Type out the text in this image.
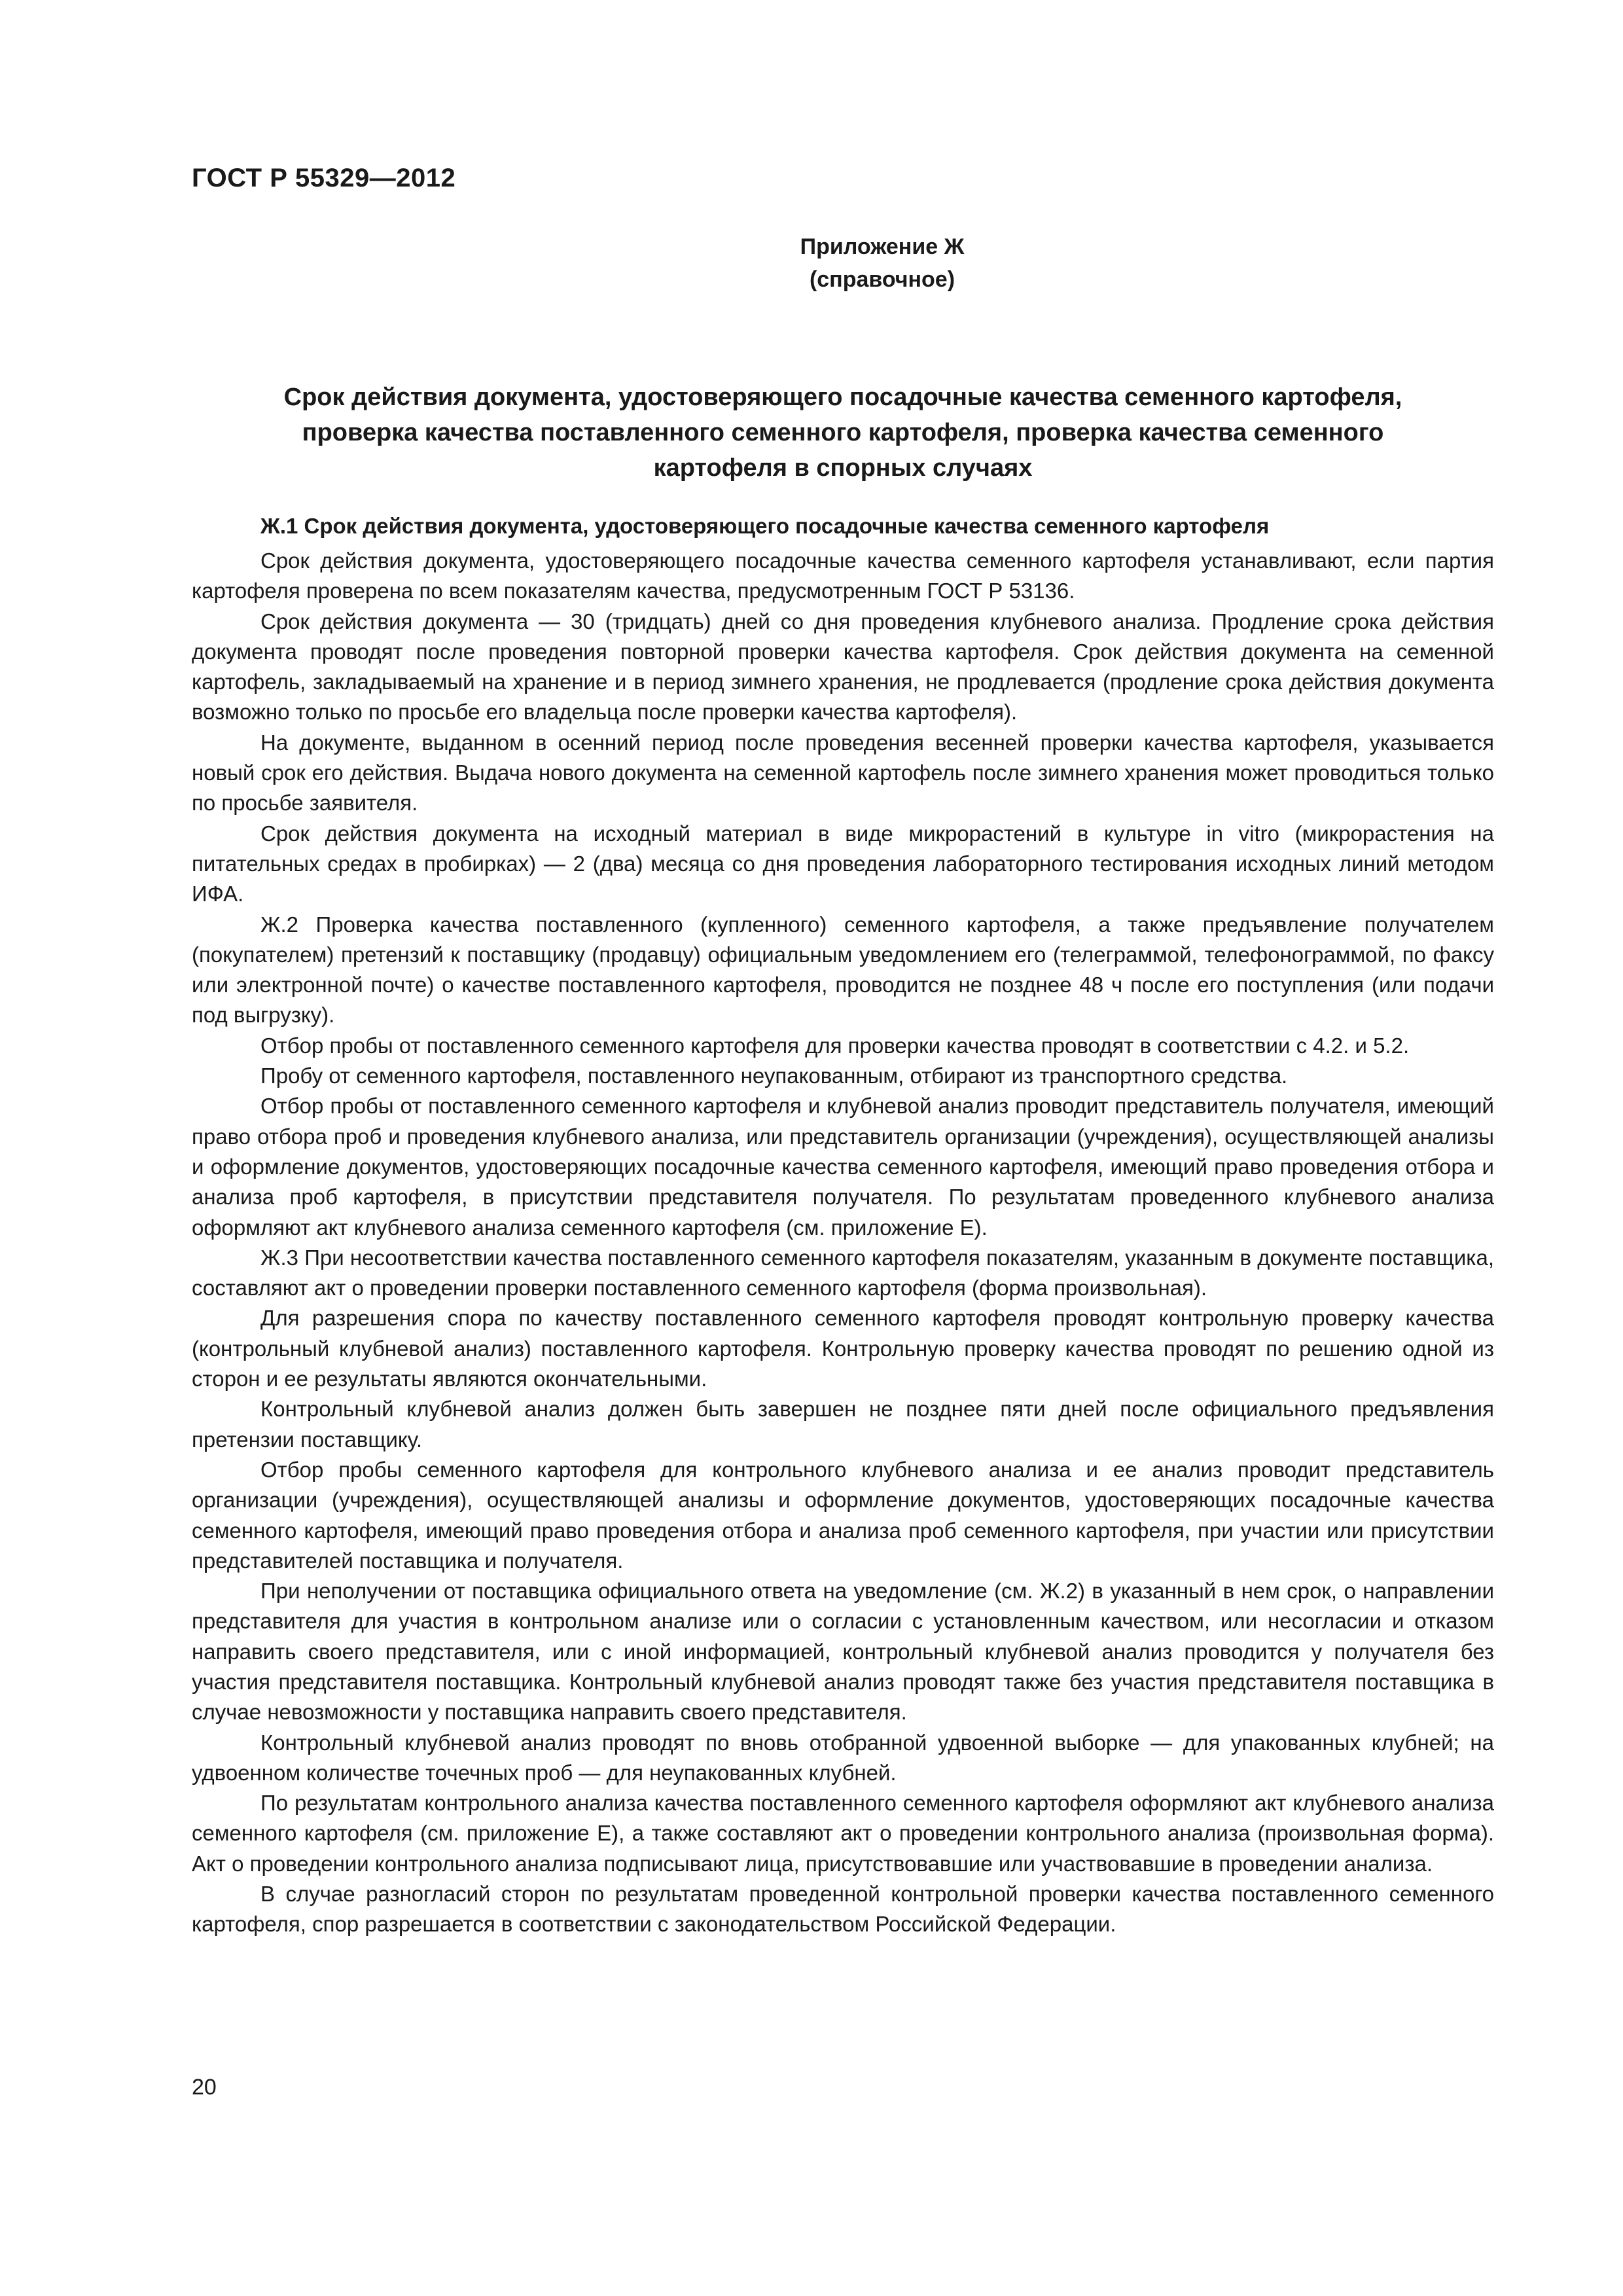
ГОСТ Р 55329—2012
Приложение Ж
(справочное)
Срок действия документа, удостоверяющего посадочные качества семенного картофеля,
проверка качества поставленного семенного картофеля, проверка качества семенного
картофеля в спорных случаях
Ж.1 Срок действия документа, удостоверяющего посадочные качества семенного картофеля

Срок действия документа, удостоверяющего посадочные качества семенного картофеля устанавливают, если партия картофеля проверена по всем показателям качества, предусмотренным ГОСТ Р 53136.

Срок действия документа — 30 (тридцать) дней со дня проведения клубневого анализа. Продление срока действия документа проводят после проведения повторной проверки качества картофеля. Срок действия документа на семенной картофель, закладываемый на хранение и в период зимнего хранения, не продлевается (продление срока действия документа возможно только по просьбе его владельца после проверки качества картофеля).

На документе, выданном в осенний период после проведения весенней проверки качества картофеля, указывается новый срок его действия. Выдача нового документа на семенной картофель после зимнего хранения может проводиться только по просьбе заявителя.

Срок действия документа на исходный материал в виде микрорастений в культуре in vitro (микрорастения на питательных средах в пробирках) — 2 (два) месяца со дня проведения лабораторного тестирования исходных линий методом ИФА.

Ж.2 Проверка качества поставленного (купленного) семенного картофеля, а также предъявление получателем (покупателем) претензий к поставщику (продавцу) официальным уведомлением его (телеграммой, телефонограммой, по факсу или электронной почте) о качестве поставленного картофеля, проводится не позднее 48 ч после его поступления (или подачи под выгрузку).

Отбор пробы от поставленного семенного картофеля для проверки качества проводят в соответствии с 4.2. и 5.2.

Пробу от семенного картофеля, поставленного неупакованным, отбирают из транспортного средства.

Отбор пробы от поставленного семенного картофеля и клубневой анализ проводит представитель получателя, имеющий право отбора проб и проведения клубневого анализа, или представитель организации (учреждения), осуществляющей анализы и оформление документов, удостоверяющих посадочные качества семенного картофеля, имеющий право проведения отбора и анализа проб картофеля, в присутствии представителя получателя. По результатам проведенного клубневого анализа оформляют акт клубневого анализа семенного картофеля (см. приложение Е).

Ж.3 При несоответствии качества поставленного семенного картофеля показателям, указанным в документе поставщика, составляют акт о проведении проверки поставленного семенного картофеля (форма произвольная).

Для разрешения спора по качеству поставленного семенного картофеля проводят контрольную проверку качества (контрольный клубневой анализ) поставленного картофеля. Контрольную проверку качества проводят по решению одной из сторон и ее результаты являются окончательными.

Контрольный клубневой анализ должен быть завершен не позднее пяти дней после официального предъявления претензии поставщику.

Отбор пробы семенного картофеля для контрольного клубневого анализа и ее анализ проводит представитель организации (учреждения), осуществляющей анализы и оформление документов, удостоверяющих посадочные качества семенного картофеля, имеющий право проведения отбора и анализа проб семенного картофеля, при участии или присутствии представителей поставщика и получателя.

При неполучении от поставщика официального ответа на уведомление (см. Ж.2) в указанный в нем срок, о направлении представителя для участия в контрольном анализе или о согласии с установленным качеством, или несогласии и отказом направить своего представителя, или с иной информацией, контрольный клубневой анализ проводится у получателя без участия представителя поставщика. Контрольный клубневой анализ проводят также без участия представителя поставщика в случае невозможности у поставщика направить своего представителя.

Контрольный клубневой анализ проводят по вновь отобранной удвоенной выборке — для упакованных клубней; на удвоенном количестве точечных проб — для неупакованных клубней.

По результатам контрольного анализа качества поставленного семенного картофеля оформляют акт клубневого анализа семенного картофеля (см. приложение Е), а также составляют акт о проведении контрольного анализа (произвольная форма). Акт о проведении контрольного анализа подписывают лица, присутствовавшие или участвовавшие в проведении анализа.

В случае разногласий сторон по результатам проведенной контрольной проверки качества поставленного семенного картофеля, спор разрешается в соответствии с законодательством Российской Федерации.

20
